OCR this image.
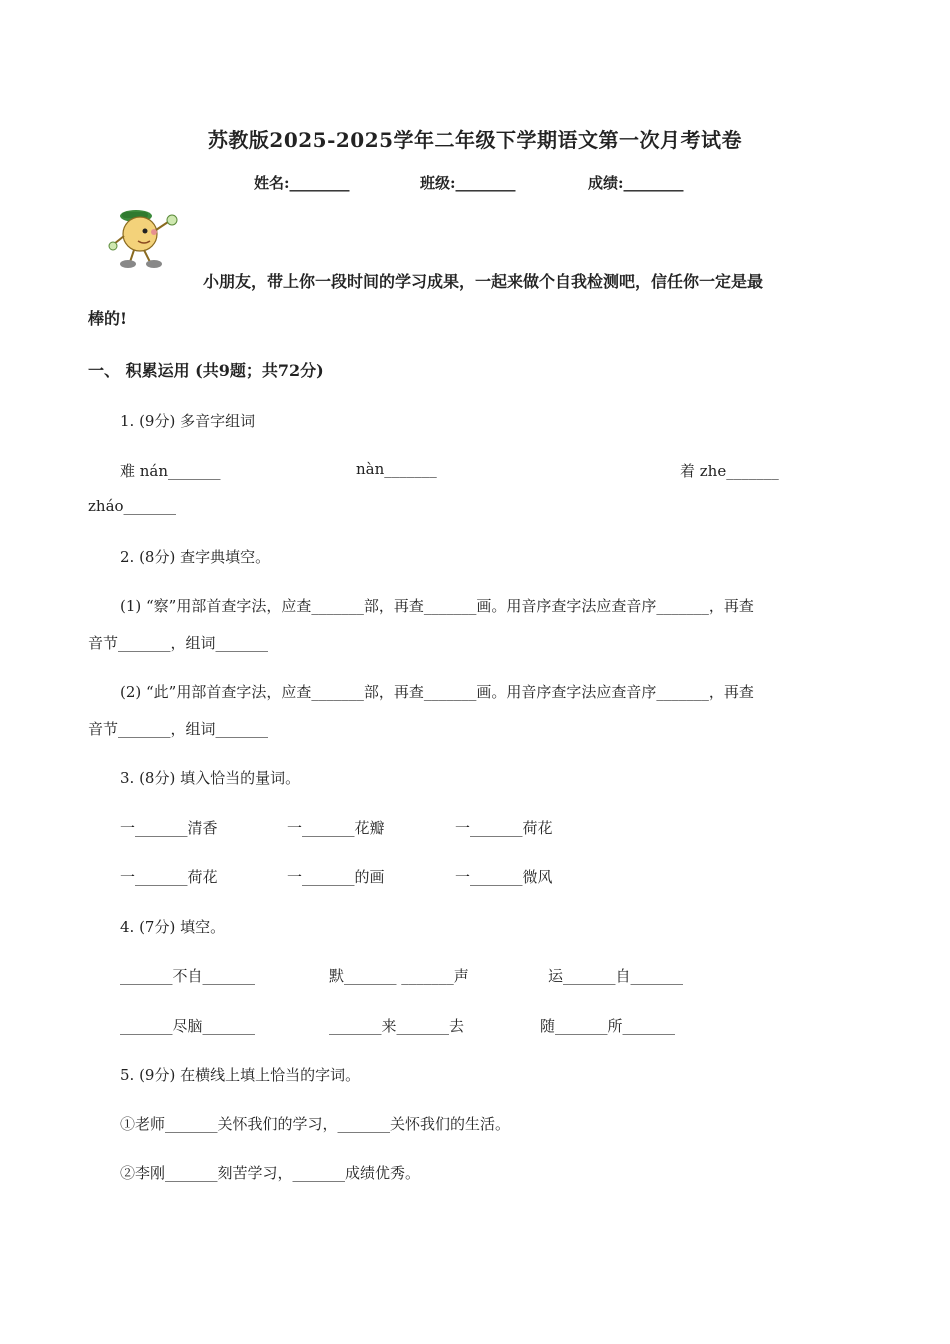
苏教版2025-2025学年二年级下学期语文第一次月考试卷
姓名:________	班级:________	成绩:________
小朋友，带上你一段时间的学习成果，一起来做个自我检测吧，信任你一定是最
棒的!
一、 积累运用 (共9题；共72分)
1. (9分) 多音字组词
难 nán_______	nàn_______	着 zhe_______
zháo_______
2. (8分) 查字典填空。
(1) “察”用部首查字法，应查_______部，再查_______画。用音序查字法应查音序_______，再查
音节_______，组词_______
(2) “此”用部首查字法，应查_______部，再查_______画。用音序查字法应查音序_______，再查
音节_______，组词_______
3. (8分) 填入恰当的量词。
一_______清香	一_______花瓣	一_______荷花
一_______荷花	一_______的画	一_______微风
4. (7分) 填空。
_______不自_______	默_______ _______声	运_______自_______
_______尽脑_______	_______来_______去	随_______所_______
5. (9分) 在横线上填上恰当的字词。
①老师_______关怀我们的学习，_______关怀我们的生活。
②李刚_______刻苦学习，_______成绩优秀。
